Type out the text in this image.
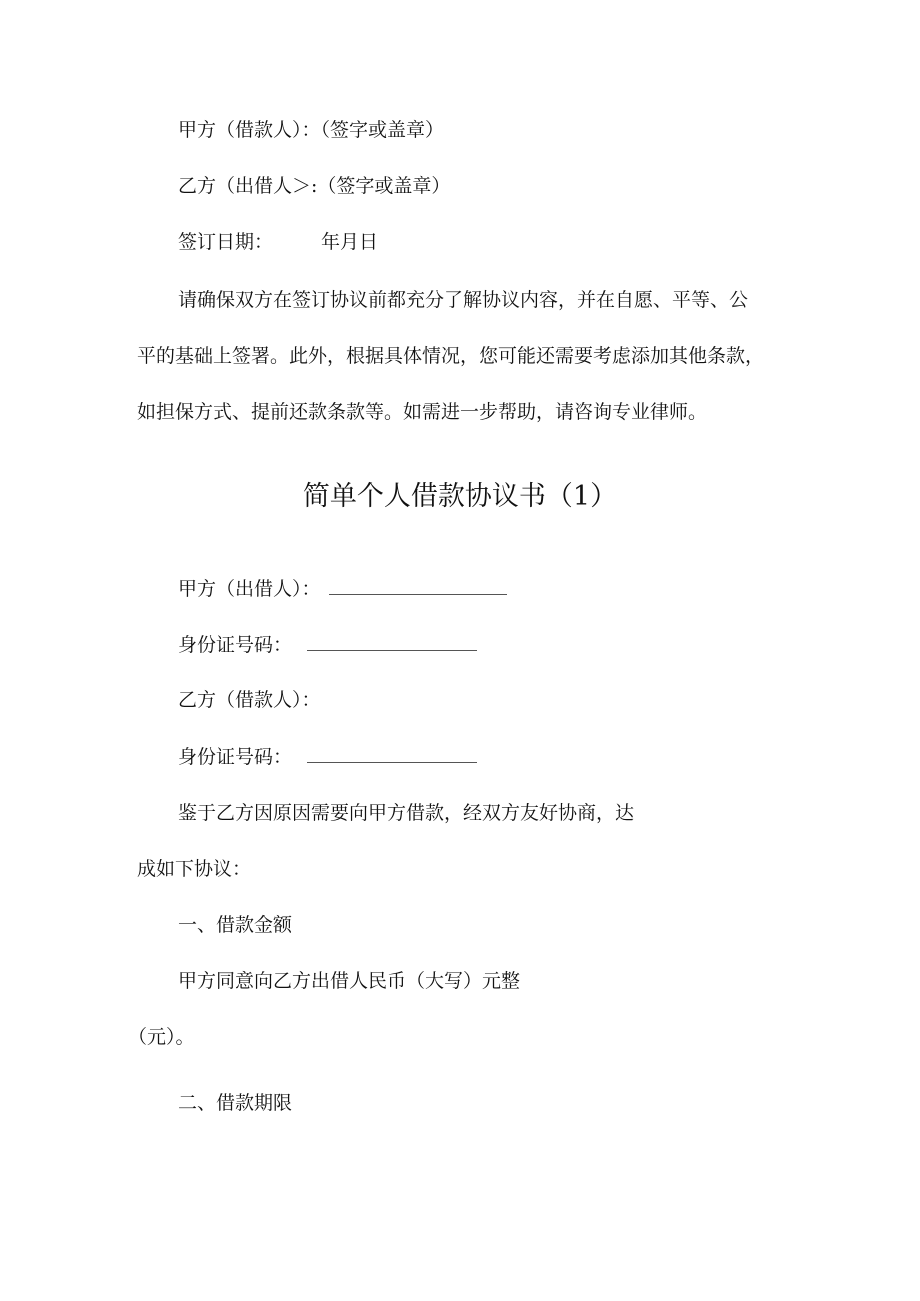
甲方（借款人）：（签字或盖章）
乙方（出借人＞:（签字或盖章）
签订日期：	年月日
请确保双方在签订协议前都充分了解协议内容，并在自愿、平等、公
平的基础上签署。此外，根据具体情况，您可能还需要考虑添加其他条款，
如担保方式、提前还款条款等。如需进一步帮助，请咨询专业律师。
简单个人借款协议书（1）
甲方（出借人）：
身份证号码：
乙方（借款人）：
身份证号码：
鉴于乙方因原因需要向甲方借款，经双方友好协商，达
成如下协议：
一、借款金额
甲方同意向乙方出借人民币（大写）元整
（元）。
二、借款期限
